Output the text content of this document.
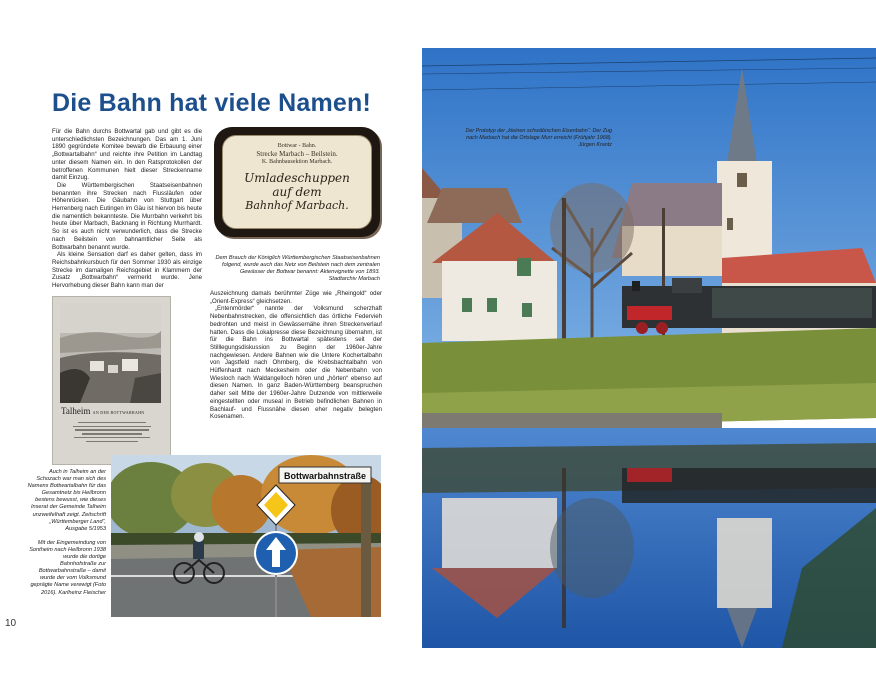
Die Bahn hat viele Namen!

Für die Bahn durchs Bottwartal gab und gibt es die unterschiedlichsten Bezeichnungen. Das am 1. Juni 1890 gegründete Komitee bewarb die Erbauung einer „Bottwartalbahn“ und reichte ihre Petition im Landtag unter diesem Namen ein. In den Ratsprotokollen der betroffenen Kommunen hielt dieser Streckenname damit Einzug.

Die Württembergischen Staatseisenbahnen benannten ihre Strecken nach Flussläufen oder Höhenrücken. Die Gäubahn von Stuttgart über Herrenberg nach Eutingen im Gäu ist hiervon bis heute die namentlich bekannteste. Die Murrbahn verkehrt bis heute über Marbach, Backnang in Richtung Murrhardt. So ist es auch nicht verwunderlich, dass die Strecke nach Beilstein von bahnamtlicher Seite als Bottwarbahn benannt wurde.

Als kleine Sensation darf es daher gelten, dass im Reichsbahnkursbuch für den Sommer 1930 als einzige Strecke im damaligen Reichsgebiet in Klammern der Zusatz „Bottwarbahn“ vermerkt wurde. Jene Hervorhebung dieser Bahn kann man der

Bottwar - Bahn.
Strecke Marbach – Beilstein.
K. Bahnbausektion Marbach.
Umladeschuppen
auf dem
Bahnhof Marbach.
Dem Brauch der Königlich Württembergischen Staatseisenbahnen folgend, wurde auch das Netz von Beilstein nach dem zentralen Gewässer der Bottwar benannt: Aktenvignette von 1893. Stadtarchiv Marbach

Auszeichnung damals berühmter Züge wie „Rheingold“ oder „Orient-Express“ gleichsetzen.

„Entenmörder“ nannte der Volksmund scherzhaft Nebenbahnstrecken, die offensichtlich das örtliche Federvieh bedrohten und meist in Gewässernähe ihren Streckenverlauf hatten. Dass die Lokalpresse diese Bezeichnung übernahm, ist für die Bahn ins Bottwartal spätestens seit der Stilllegungsdiskussion zu Beginn der 1960er-Jahre nachgewiesen. Andere Bahnen wie die Untere Kochertalbahn von Jagstfeld nach Ohrnberg, die Krebsbachtalbahn von Hüffenhardt nach Meckesheim oder die Nebenbahn von Wiesloch nach Waldangelloch hören und „hörten“ ebenso auf diesen Namen. In ganz Baden-Württemberg beanspruchen daher seit Mitte der 1960er-Jahre Dutzende von mittlerweile eingestellten oder museal in Betrieb befindlichen Bahnen in Bachlauf- und Flussnähe diesen eher negativ belegten Kosenamen.

Talheim AN DER BOTTWARBAHN
Auch in Talheim an der Schozach war man sich des Namens Bottwartalbahn für das Gesamtnetz bis Heilbronn bestens bewusst, wie dieses Inserat der Gemeinde Talheim unzweifelhaft zeigt. Zeitschrift „Württemberger Land“, Ausgabe 5/1953
Mit der Eingemeindung von Sontheim nach Heilbronn 1938 wurde die dortige Bahnhofstraße zur Bottwarbahnstraße – damit wurde der vom Volksmund geprägte Name verewigt (Foto 2016). Karlheinz Fleischer
Bottwarbahnstraße
10
Der Prototyp der „kleinen schwäbischen Eisenbahn“: Der Zug nach Marbach hat die Ortslage Murr erreicht (Frühjahr 1968). Jürgen Krantz
